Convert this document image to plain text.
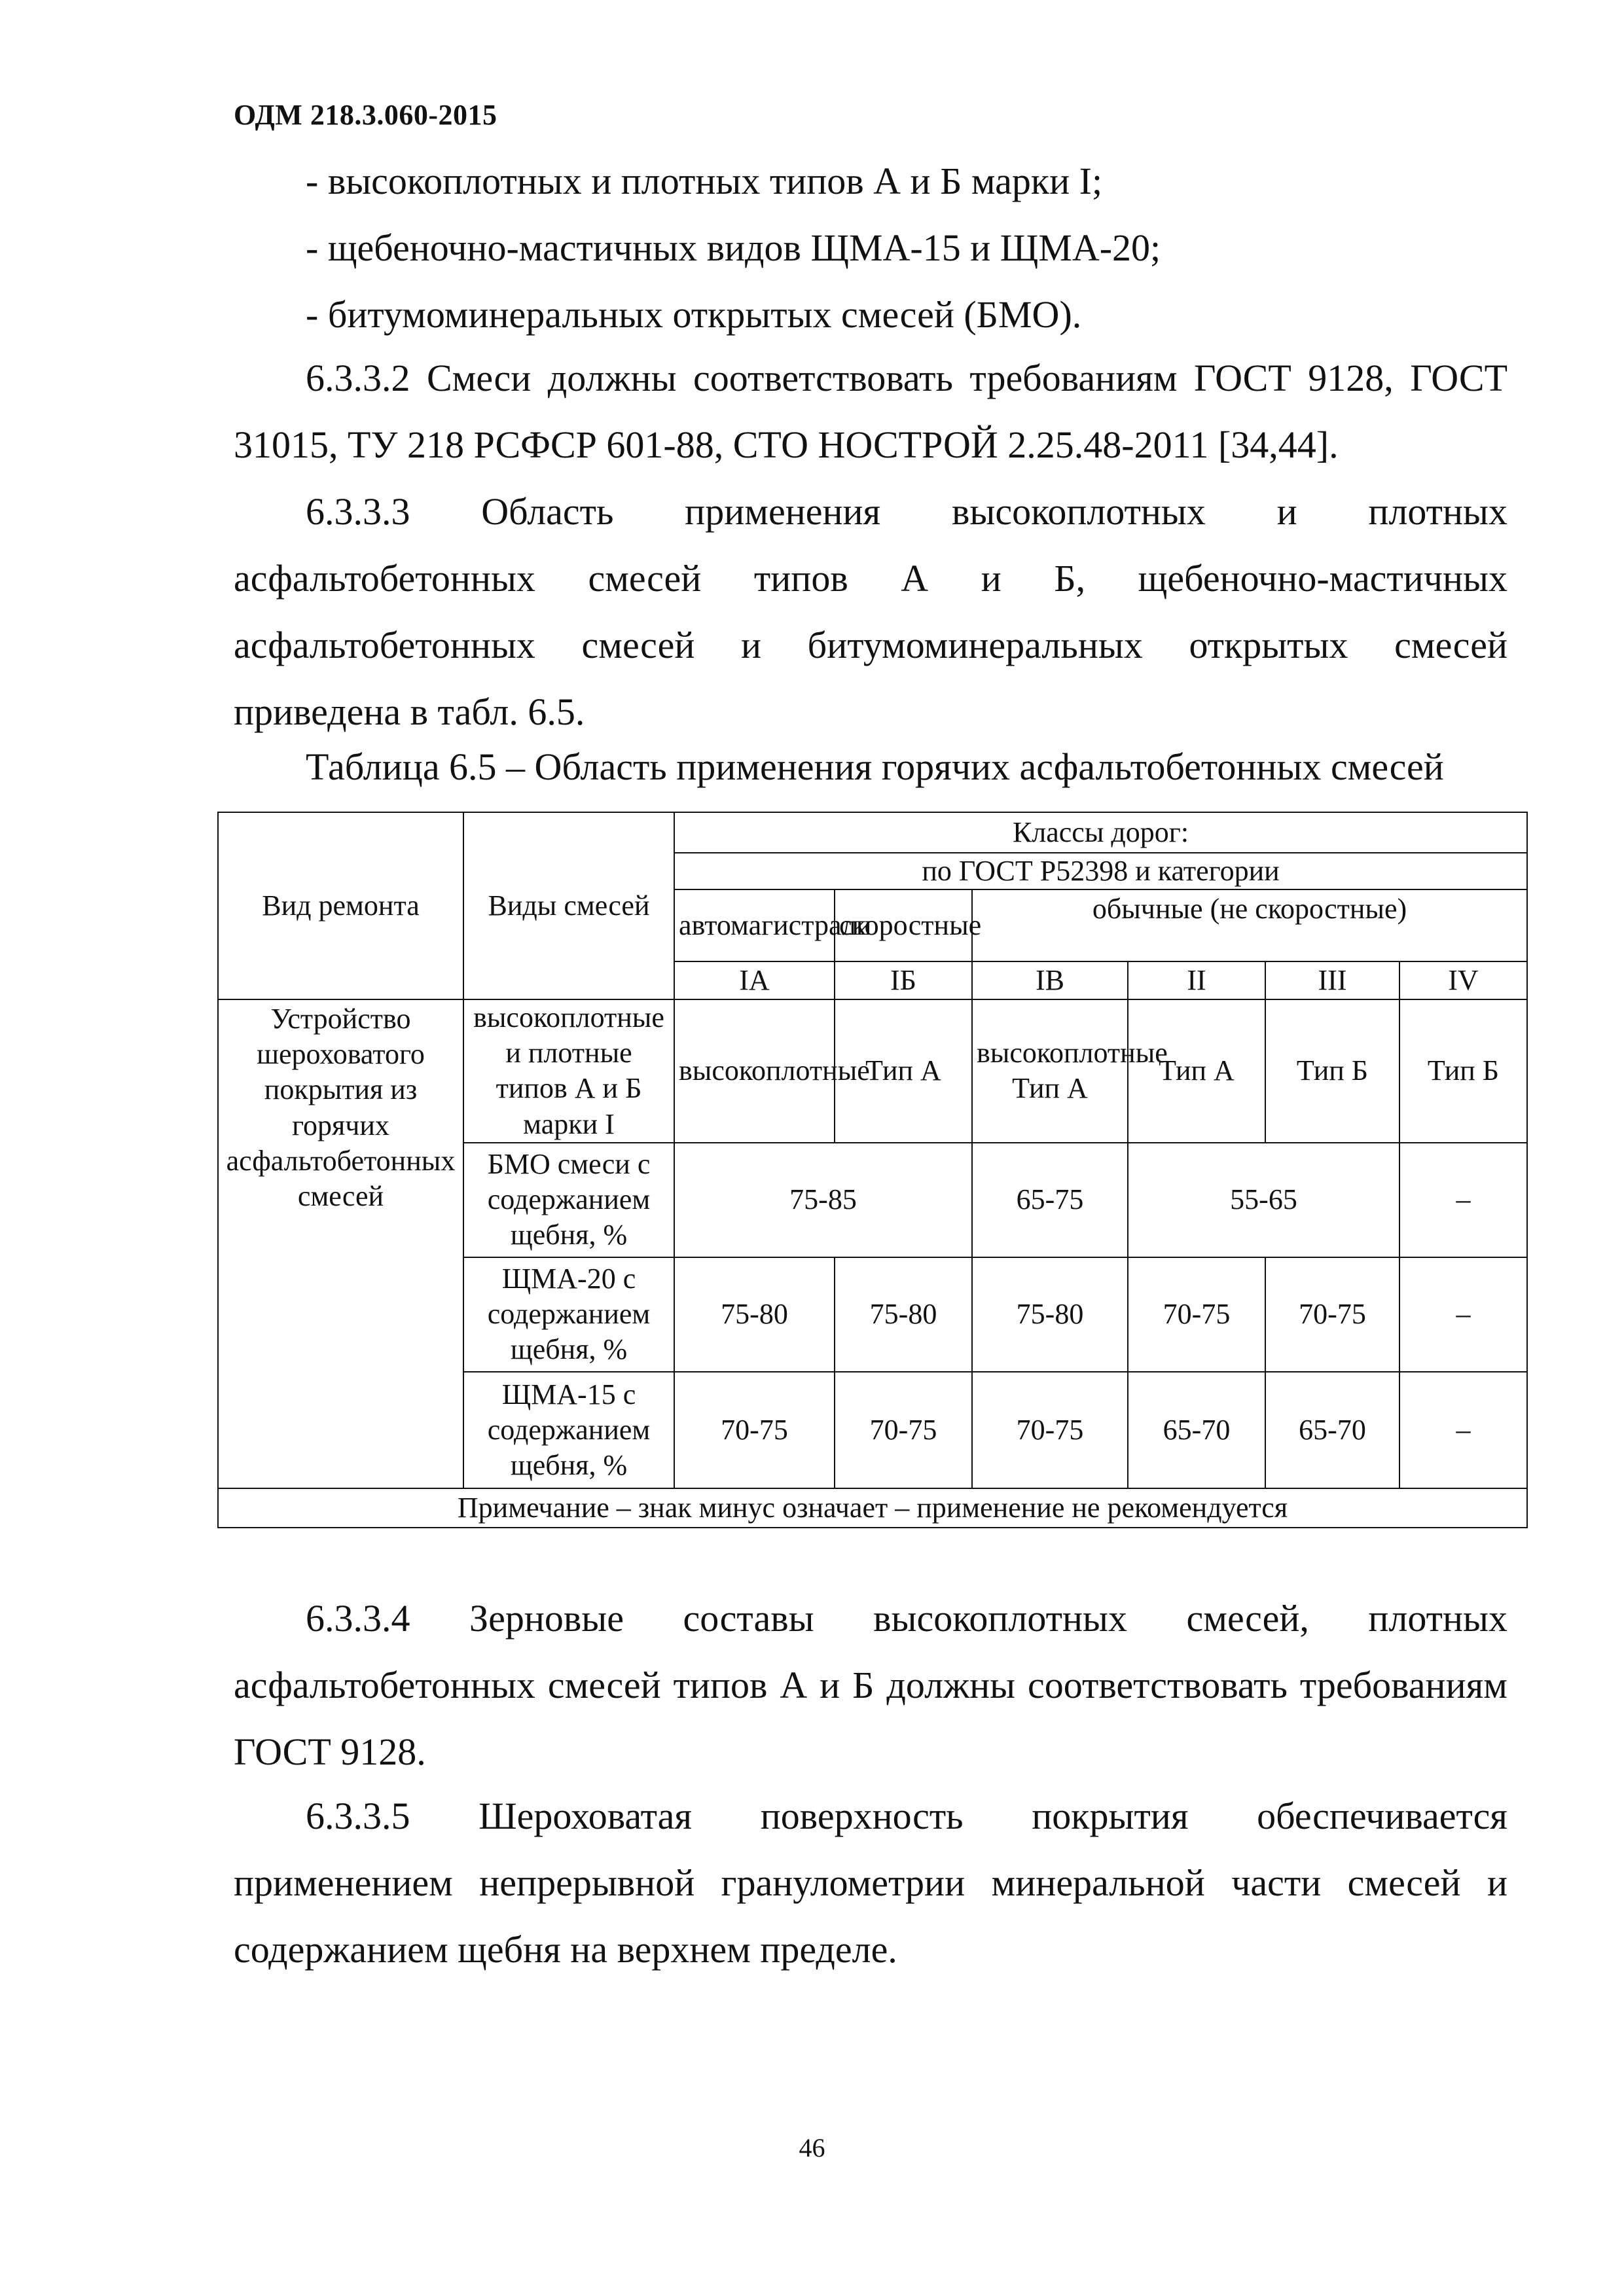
ОДМ 218.3.060-2015
- высокоплотных и плотных типов А и Б марки I;
- щебеночно-мастичных видов ЩМА-15 и ЩМА-20;
- битумоминеральных открытых смесей (БМО).
6.3.3.2 Смеси должны соответствовать требованиям ГОСТ 9128, ГОСТ
31015, ТУ 218 РСФСР 601-88, СТО НОСТРОЙ 2.25.48-2011 [34,44].
6.3.3.3 Область применения высокоплотных и плотных
асфальтобетонных смесей типов А и Б, щебеночно-мастичных
асфальтобетонных смесей и битумоминеральных открытых смесей
приведена в табл. 6.5.
Таблица 6.5 – Область применения горячих асфальтобетонных смесей
Вид ремонта	Виды смесей	Классы дорог:					
		по ГОСТ Р52398 и категории					
		автомагистрали	скоростные	обычные (не скоростные)			
		IА	IБ	IВ	II	III	IV
Устройство шероховатого покрытия из горячих асфальтобетонных смесей	высокоплотные и плотные типов А и Б марки I	высокоплотные	Тип А	высокоплотные Тип А	Тип А	Тип Б	Тип Б
	БМО смеси с содержанием щебня, %	75-85		65-75	55-65		–
	ЩМА-20 с содержанием щебня, %	75-80	75-80	75-80	70-75	70-75	–
	ЩМА-15 с содержанием щебня, %	70-75	70-75	70-75	65-70	65-70	–
Примечание – знак минус означает – применение не рекомендуется							
6.3.3.4 Зерновые составы высокоплотных смесей, плотных
асфальтобетонных смесей типов А и Б должны соответствовать требованиям
ГОСТ 9128.
6.3.3.5 Шероховатая поверхность покрытия обеспечивается
применением непрерывной гранулометрии минеральной части смесей и
содержанием щебня на верхнем пределе.
46
